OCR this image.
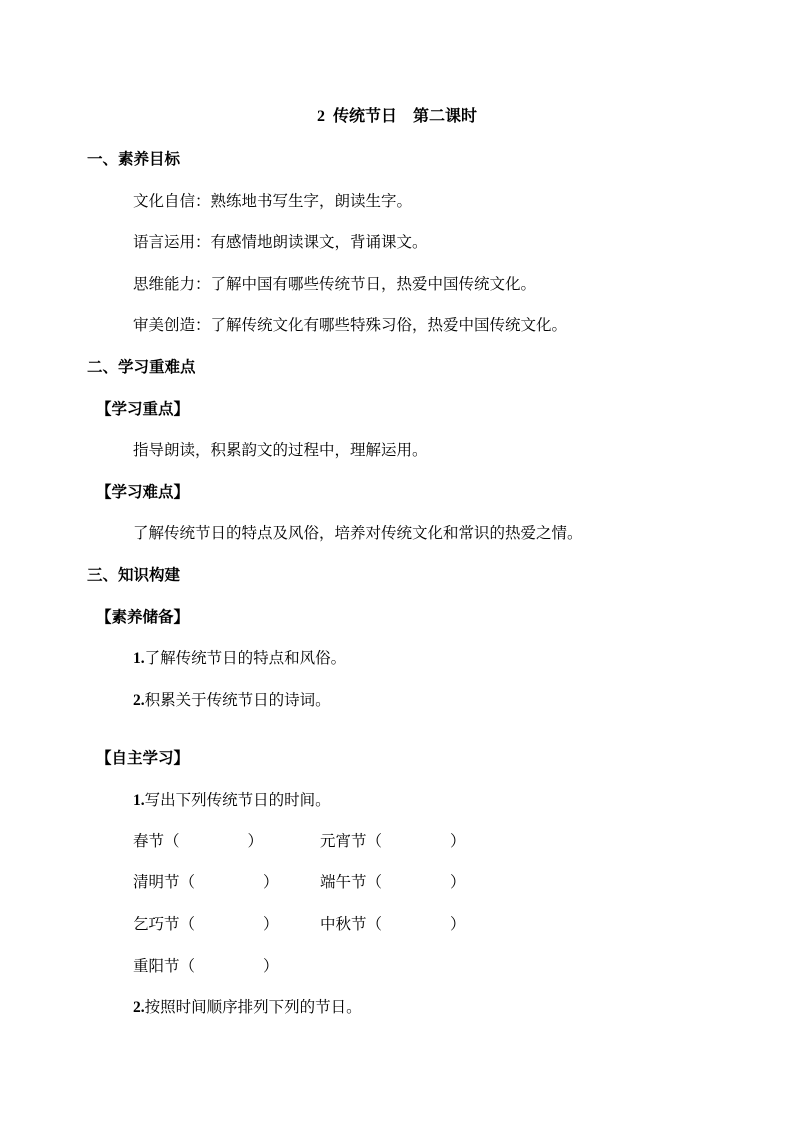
2 传统节日 第二课时
一、素养目标
文化自信：熟练地书写生字，朗读生字。
语言运用：有感情地朗读课文，背诵课文。
思维能力：了解中国有哪些传统节日，热爱中国传统文化。
审美创造：了解传统文化有哪些特殊习俗，热爱中国传统文化。
二、学习重难点
【学习重点】
指导朗读，积累韵文的过程中，理解运用。
【学习难点】
了解传统节日的特点及风俗，培养对传统文化和常识的热爱之情。
三、知识构建
【素养储备】
1.了解传统节日的特点和风俗。
2.积累关于传统节日的诗词。
【自主学习】
1.写出下列传统节日的时间。
春节（	）	元宵节（	）
清明节（	）	端午节（	）
乞巧节（	）	中秋节（	）
重阳节（	）
2.按照时间顺序排列下列的节日。
